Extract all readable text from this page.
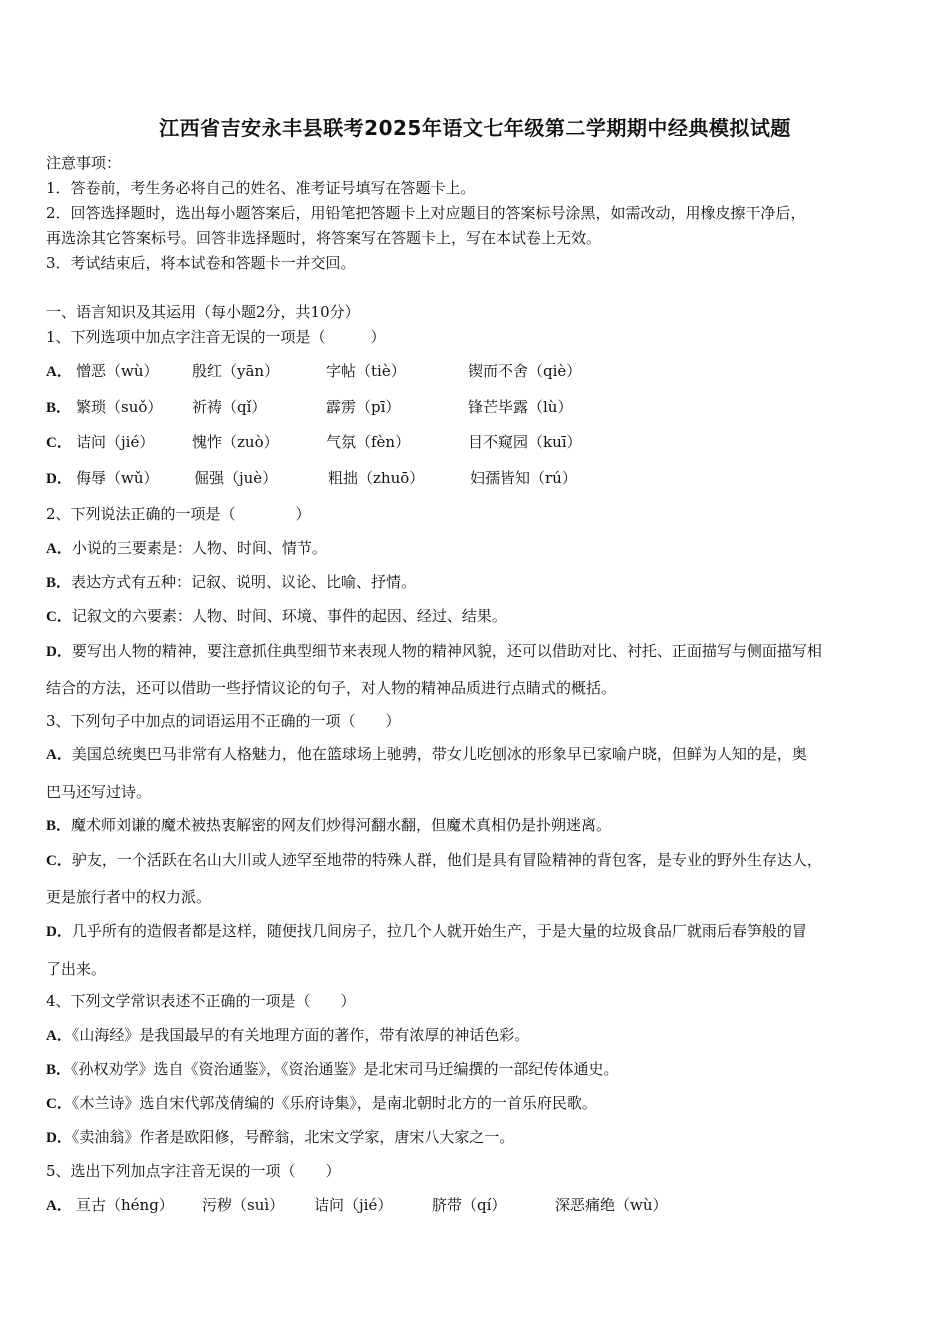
江西省吉安永丰县联考2025年语文七年级第二学期期中经典模拟试题
注意事项：
1．答卷前，考生务必将自己的姓名、准考证号填写在答题卡上。
2．回答选择题时，选出每小题答案后，用铅笔把答题卡上对应题目的答案标号涂黑，如需改动，用橡皮擦干净后，
再选涂其它答案标号。回答非选择题时，将答案写在答题卡上，写在本试卷上无效。
3．考试结束后，将本试卷和答题卡一并交回。
一、语言知识及其运用（每小题2分，共10分）
1、下列选项中加点字注音无误的一项是（　　　）
A． 憎恶（wù） 殷红（yān）	字帖（tiè）	锲而不舍（qiè）
B． 繁琐（suǒ） 祈祷（qǐ）	霹雳（pī）	锋芒毕露（lù）
C． 诘问（jié）	愧怍（zuò）	气氛（fèn）	目不窥园（kuī）
D． 侮辱（wǔ） 倔强（juè）	粗拙（zhuō）	妇孺皆知（rú）
2、下列说法正确的一项是（　　　　）
A．小说的三要素是：人物、时间、情节。
B．表达方式有五种：记叙、说明、议论、比喻、抒情。
C．记叙文的六要素：人物、时间、环境、事件的起因、经过、结果。
D．要写出人物的精神，要注意抓住典型细节来表现人物的精神风貌，还可以借助对比、衬托、正面描写与侧面描写相
结合的方法，还可以借助一些抒情议论的句子，对人物的精神品质进行点睛式的概括。
3、下列句子中加点的词语运用不正确的一项（　　）
A．美国总统奥巴马非常有人格魅力，他在篮球场上驰骋，带女儿吃刨冰的形象早已家喻户晓，但鲜为人知的是，奥
巴马还写过诗。
B．魔术师刘谦的魔术被热衷解密的网友们炒得河翻水翻，但魔术真相仍是扑朔迷离。
C．驴友，一个活跃在名山大川或人迹罕至地带的特殊人群，他们是具有冒险精神的背包客，是专业的野外生存达人，
更是旅行者中的权力派。
D．几乎所有的造假者都是这样，随便找几间房子，拉几个人就开始生产，于是大量的垃圾食品厂就雨后春笋般的冒
了出来。
4、下列文学常识表述不正确的一项是（　　）
A．《山海经》是我国最早的有关地理方面的著作，带有浓厚的神话色彩。
B．《孙权劝学》选自《资治通鉴》，《资治通鉴》是北宋司马迁编撰的一部纪传体通史。
C．《木兰诗》选自宋代郭茂倩编的《乐府诗集》，是南北朝时北方的一首乐府民歌。
D．《卖油翁》作者是欧阳修，号醉翁，北宋文学家，唐宋八大家之一。
5、选出下列加点字注音无误的一项（　　）
A． 亘古（héng） 污秽（suì） 诘问（jié）	脐带（qí）	深恶痛绝（wù）
